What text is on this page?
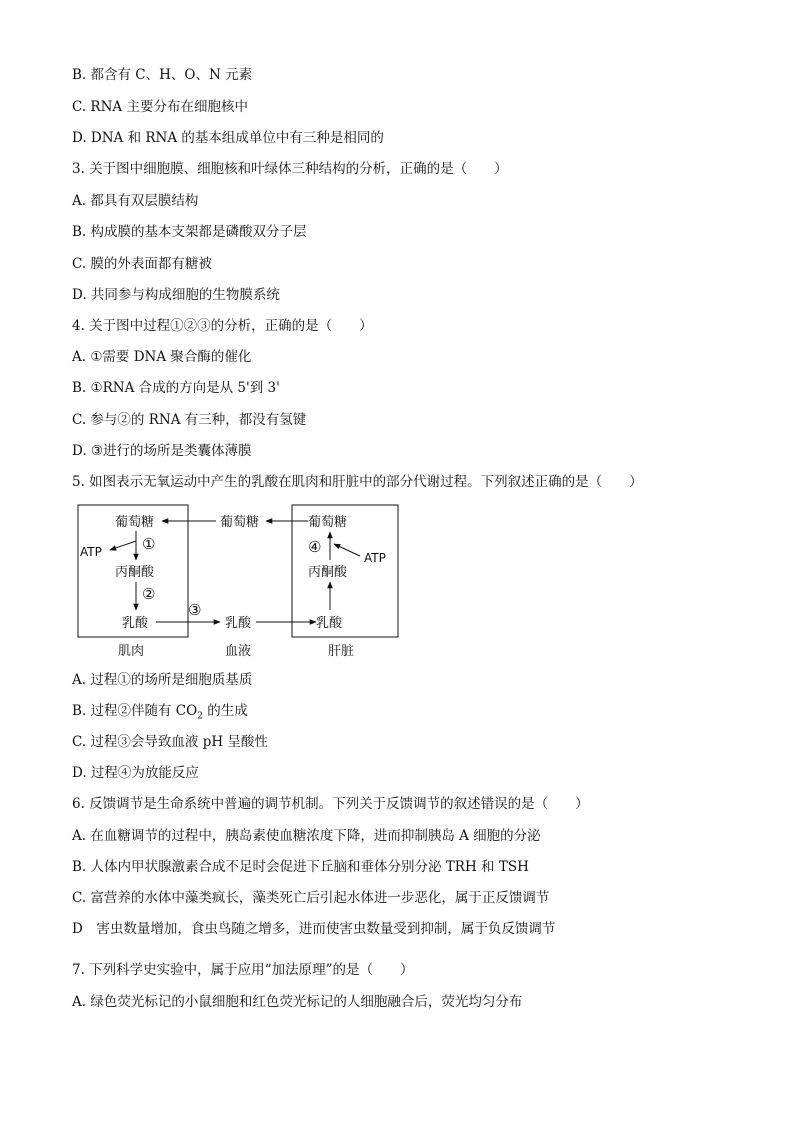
B. 都含有 C、H、O、N 元素
C. RNA 主要分布在细胞核中
D. DNA 和 RNA 的基本组成单位中有三种是相同的
3. 关于图中细胞膜、细胞核和叶绿体三种结构的分析，正确的是（　　）
A. 都具有双层膜结构
B. 构成膜的基本支架都是磷酸双分子层
C. 膜的外表面都有糖被
D. 共同参与构成细胞的生物膜系统
4. 关于图中过程①②③的分析，正确的是（　　）
A. ①需要 DNA 聚合酶的催化
B. ①RNA 合成的方向是从 5'到 3'
C. 参与②的 RNA 有三种，都没有氢键
D. ③进行的场所是类囊体薄膜
5. 如图表示无氧运动中产生的乳酸在肌肉和肝脏中的部分代谢过程。下列叙述正确的是（　　）
葡萄糖
ATP	①
丙酮酸
②
乳酸
肌肉
葡萄糖
③
乳酸
血液
葡萄糖
④
ATP
丙酮酸
乳酸
肝脏
A. 过程①的场所是细胞质基质
B. 过程②伴随有 $CO_2$ 的生成
C. 过程③会导致血液 pH 呈酸性
D. 过程④为放能反应
6. 反馈调节是生命系统中普遍的调节机制。下列关于反馈调节的叙述错误的是（　　）
A. 在血糖调节的过程中，胰岛素使血糖浓度下降，进而抑制胰岛 A 细胞的分泌
B. 人体内甲状腺激素合成不足时会促进下丘脑和垂体分别分泌 TRH 和 TSH
C. 富营养的水体中藻类疯长，藻类死亡后引起水体进一步恶化，属于正反馈调节
D　害虫数量增加，食虫鸟随之增多，进而使害虫数量受到抑制，属于负反馈调节
7. 下列科学史实验中，属于应用“加法原理”的是（　　）
A. 绿色荧光标记的小鼠细胞和红色荧光标记的人细胞融合后，荧光均匀分布
